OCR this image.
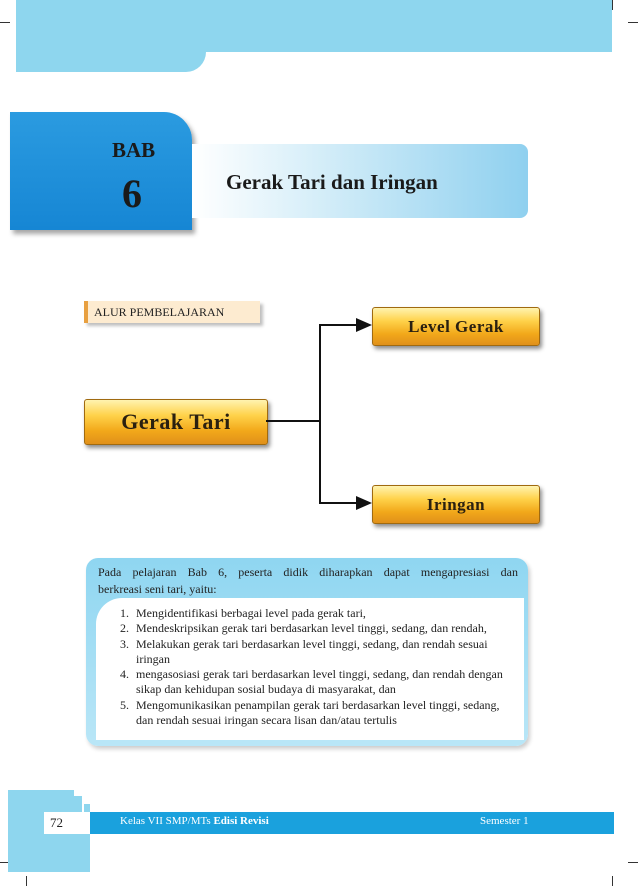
BAB
6	Gerak Tari dan Iringan
ALUR PEMBELAJARAN
Gerak Tari
Level Gerak
Iringan
Pada pelajaran Bab 6, peserta didik diharapkan dapat mengapresiasi dan
berkreasi seni tari, yaitu:
1. Mengidentifikasi berbagai level pada gerak tari,
2. Mendeskripsikan gerak tari berdasarkan level tinggi, sedang, dan rendah,
3. Melakukan gerak tari berdasarkan level tinggi, sedang, dan rendah sesuai iringan
4. mengasosiasi gerak tari berdasarkan level tinggi, sedang, dan rendah dengan sikap dan kehidupan sosial budaya di masyarakat, dan
5. Mengomunikasikan penampilan gerak tari berdasarkan level tinggi, sedang, dan rendah sesuai iringan secara lisan dan/atau tertulis
72	Kelas VII SMP/MTs Edisi Revisi	Semester 1
